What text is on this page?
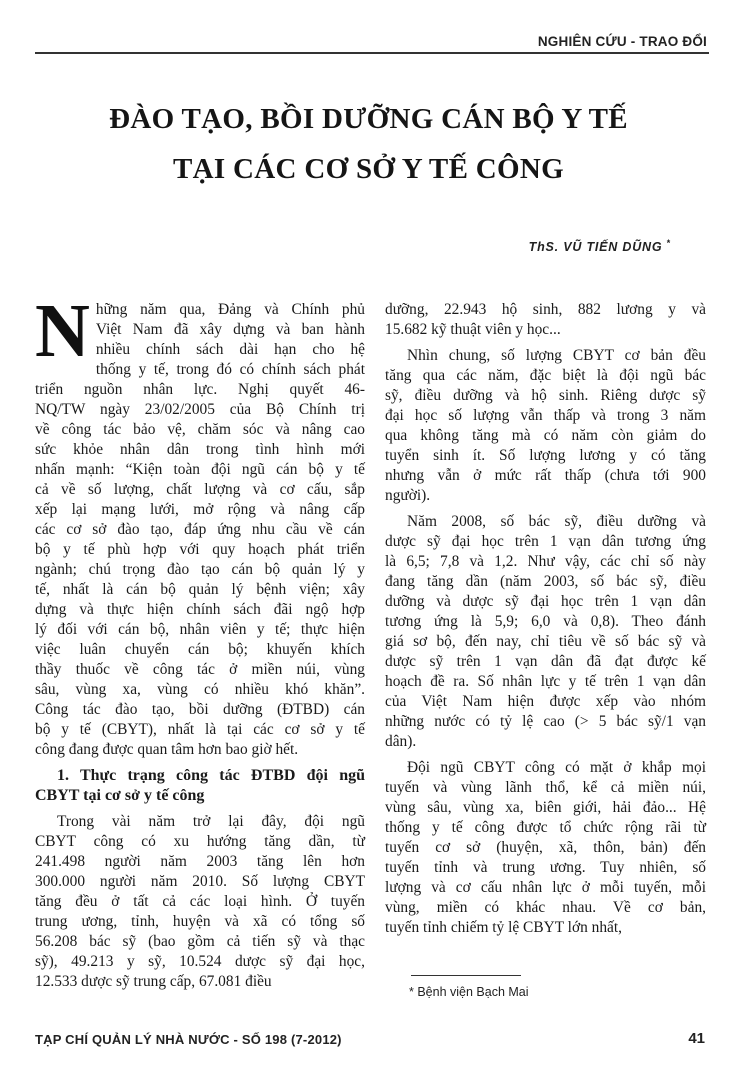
NGHIÊN CỨU - TRAO ĐỔI
ĐÀO TẠO, BỒI DƯỠNG CÁN BỘ Y TẾ
TẠI CÁC CƠ SỞ Y TẾ CÔNG
ThS. VŨ TIẾN DŨNG *
N hững năm qua, Đảng và Chính phủ
Việt Nam đã xây dựng và ban hành
nhiều chính sách dài hạn cho hệ
thống y tế, trong đó có chính sách phát
triển nguồn nhân lực. Nghị quyết 46-
NQ/TW ngày 23/02/2005 của Bộ Chính trị
về công tác bảo vệ, chăm sóc và nâng cao
sức khỏe nhân dân trong tình hình mới
nhấn mạnh: “Kiện toàn đội ngũ cán bộ y tế
cả về số lượng, chất lượng và cơ cấu, sắp
xếp lại mạng lưới, mở rộng và nâng cấp
các cơ sở đào tạo, đáp ứng nhu cầu về cán
bộ y tế phù hợp với quy hoạch phát triển
ngành; chú trọng đào tạo cán bộ quản lý y
tế, nhất là cán bộ quản lý bệnh viện; xây
dựng và thực hiện chính sách đãi ngộ hợp
lý đối với cán bộ, nhân viên y tế; thực hiện
việc luân chuyển cán bộ; khuyến khích
thầy thuốc về công tác ở miền núi, vùng
sâu, vùng xa, vùng có nhiều khó khăn”.
Công tác đào tạo, bồi dưỡng (ĐTBD) cán
bộ y tế (CBYT), nhất là tại các cơ sở y tế
công đang được quan tâm hơn bao giờ hết.
1. Thực trạng công tác ĐTBD đội ngũ
CBYT tại cơ sở y tế công
Trong vài năm trở lại đây, đội ngũ
CBYT công có xu hướng tăng dần, từ
241.498 người năm 2003 tăng lên hơn
300.000 người năm 2010. Số lượng CBYT
tăng đều ở tất cả các loại hình. Ở tuyến
trung ương, tỉnh, huyện và xã có tổng số
56.208 bác sỹ (bao gồm cả tiến sỹ và thạc
sỹ), 49.213 y sỹ, 10.524 dược sỹ đại học,
12.533 dược sỹ trung cấp, 67.081 điều
dưỡng, 22.943 hộ sinh, 882 lương y và
15.682 kỹ thuật viên y học...
Nhìn chung, số lượng CBYT cơ bản đều
tăng qua các năm, đặc biệt là đội ngũ bác
sỹ, điều dưỡng và hộ sinh. Riêng dược sỹ
đại học số lượng vẫn thấp và trong 3 năm
qua không tăng mà có năm còn giảm do
tuyển sinh ít. Số lượng lương y có tăng
nhưng vẫn ở mức rất thấp (chưa tới 900
người).
Năm 2008, số bác sỹ, điều dưỡng và
dược sỹ đại học trên 1 vạn dân tương ứng
là 6,5; 7,8 và 1,2. Như vậy, các chỉ số này
đang tăng dần (năm 2003, số bác sỹ, điều
dưỡng và dược sỹ đại học trên 1 vạn dân
tương ứng là 5,9; 6,0 và 0,8). Theo đánh
giá sơ bộ, đến nay, chỉ tiêu về số bác sỹ và
dược sỹ trên 1 vạn dân đã đạt được kế
hoạch đề ra. Số nhân lực y tế trên 1 vạn dân
của Việt Nam hiện được xếp vào nhóm
những nước có tỷ lệ cao (> 5 bác sỹ/1 vạn
dân).
Đội ngũ CBYT công có mặt ở khắp mọi
tuyến và vùng lãnh thổ, kể cả miền núi,
vùng sâu, vùng xa, biên giới, hải đảo... Hệ
thống y tế công được tổ chức rộng rãi từ
tuyến cơ sở (huyện, xã, thôn, bản) đến
tuyến tỉnh và trung ương. Tuy nhiên, số
lượng và cơ cấu nhân lực ở mỗi tuyến, mỗi
vùng, miền có khác nhau. Về cơ bản,
tuyến tỉnh chiếm tỷ lệ CBYT lớn nhất,
* Bệnh viện Bạch Mai
TẠP CHÍ QUẢN LÝ NHÀ NƯỚC - SỐ 198 (7-2012)	41
